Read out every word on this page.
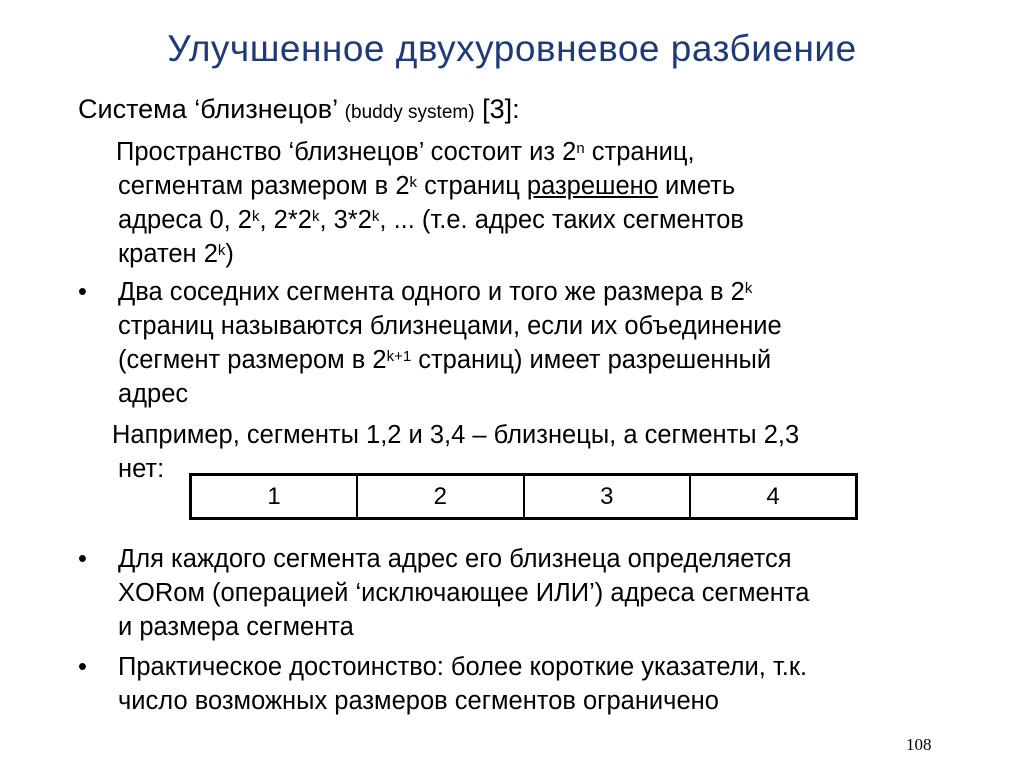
Улучшенное двухуровневое разбиение
Система ‘близнецов’ (buddy system) [3]:
Пространство ‘близнецов’ состоит из 2$^n$ страниц,
сегментам размером в 2$^k$ страниц разрешено иметь
адреса 0, 2$^k$, 2*2$^k$, 3*2$^k$, ... (т.е. адрес таких сегментов
кратен 2$^k$)
•	Два соседних сегмента одного и того же размера в 2$^k$
страниц называются близнецами, если их объединение
(сегмент размером в $2^{k+1}$ страниц) имеет разрешенный
адрес
Например, сегменты 1,2 и 3,4 – близнецы, а сегменты 2,3
нет:
1	2	3	4
•	Для каждого сегмента адрес его близнеца определяется
XORом (операцией ‘исключающее ИЛИ’) адреса сегмента
и размера сегмента
•	Практическое достоинство: более короткие указатели, т.к.
число возможных размеров сегментов ограничено
108
